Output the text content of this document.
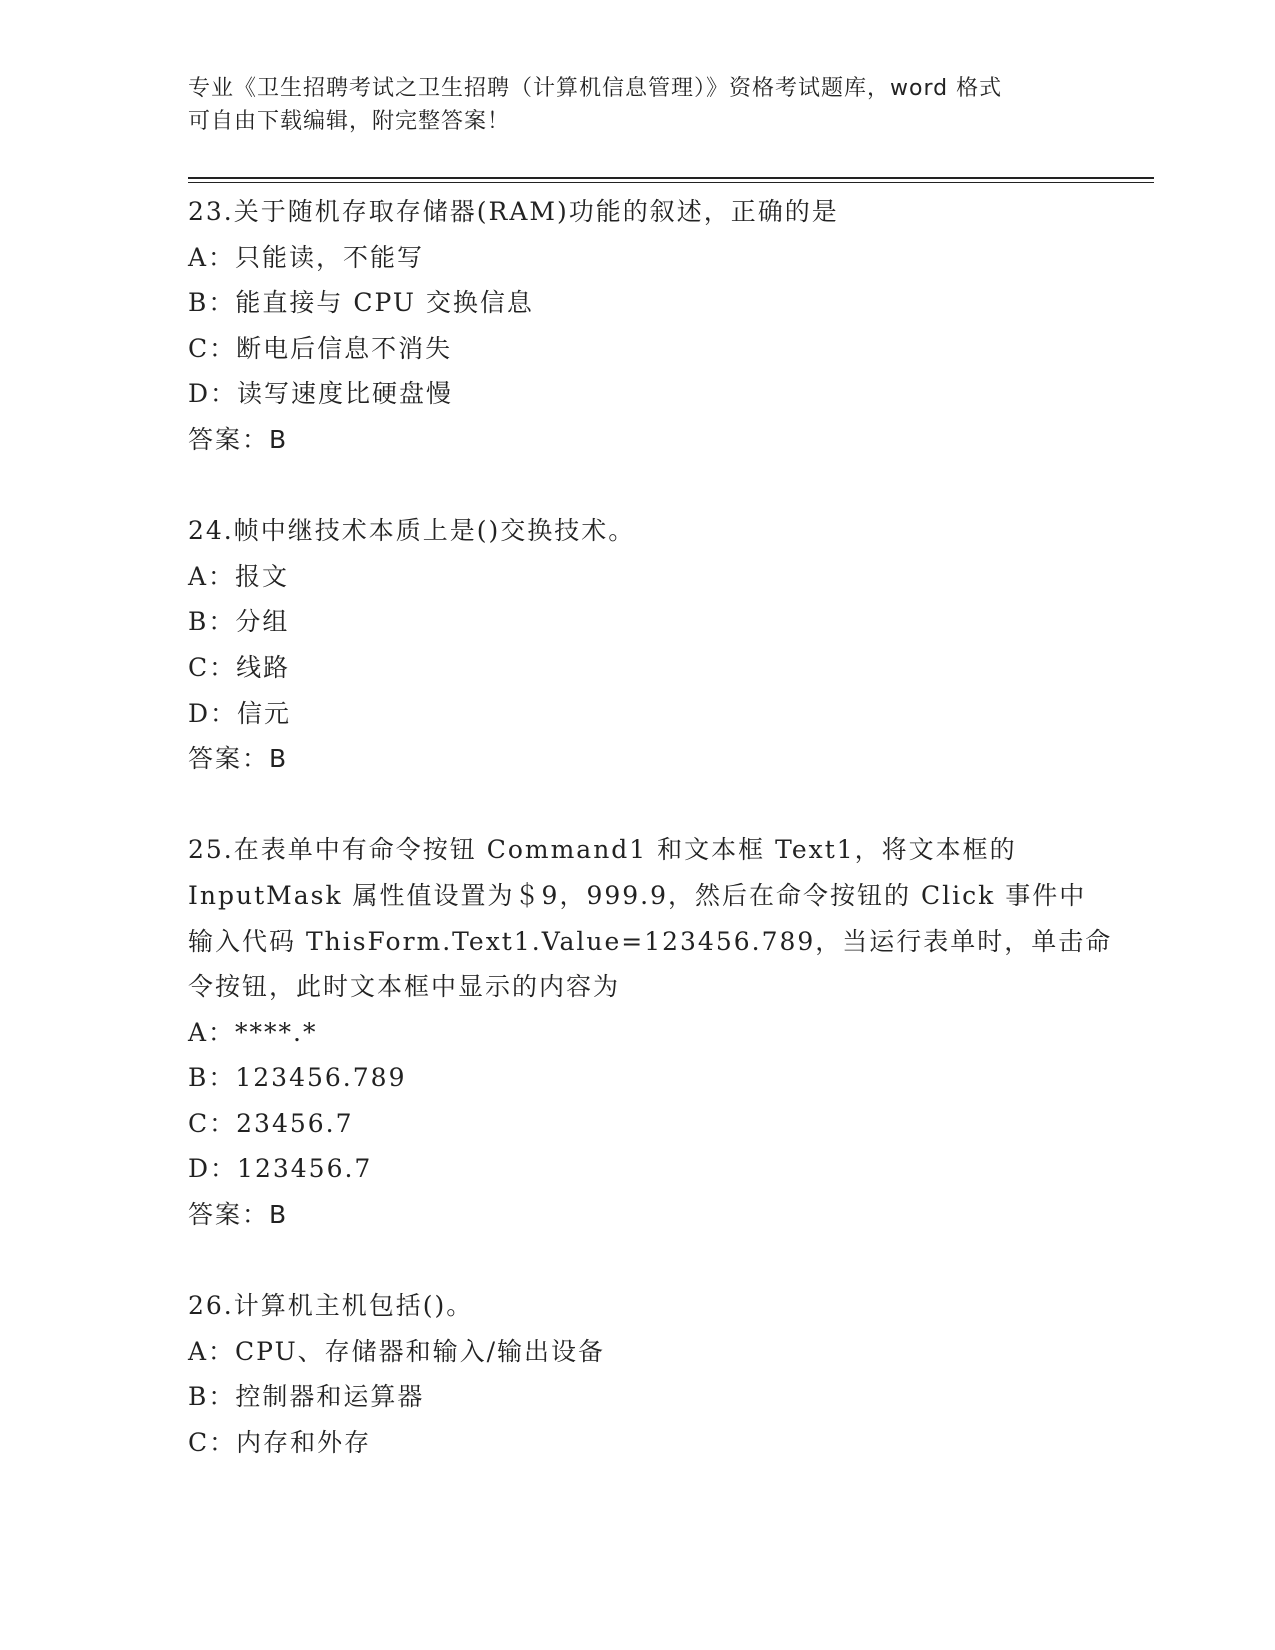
专业《卫生招聘考试之卫生招聘（计算机信息管理）》资格考试题库，word 格式
可自由下载编辑，附完整答案！
23.关于随机存取存储器(RAM)功能的叙述，正确的是
A：只能读，不能写
B：能直接与 CPU 交换信息
C：断电后信息不消失
D：读写速度比硬盘慢
答案：B
24.帧中继技术本质上是()交换技术。
A：报文
B：分组
C：线路
D：信元
答案：B
25.在表单中有命令按钮 Command1 和文本框 Text1，将文本框的
InputMask 属性值设置为＄9，999.9，然后在命令按钮的 Click 事件中
输入代码 ThisForm.Text1.Value=123456.789，当运行表单时，单击命
令按钮，此时文本框中显示的内容为
A：****.*
B：123456.789
C：23456.7
D：123456.7
答案：B
26.计算机主机包括()。
A：CPU、存储器和输入/输出设备
B：控制器和运算器
C：内存和外存
